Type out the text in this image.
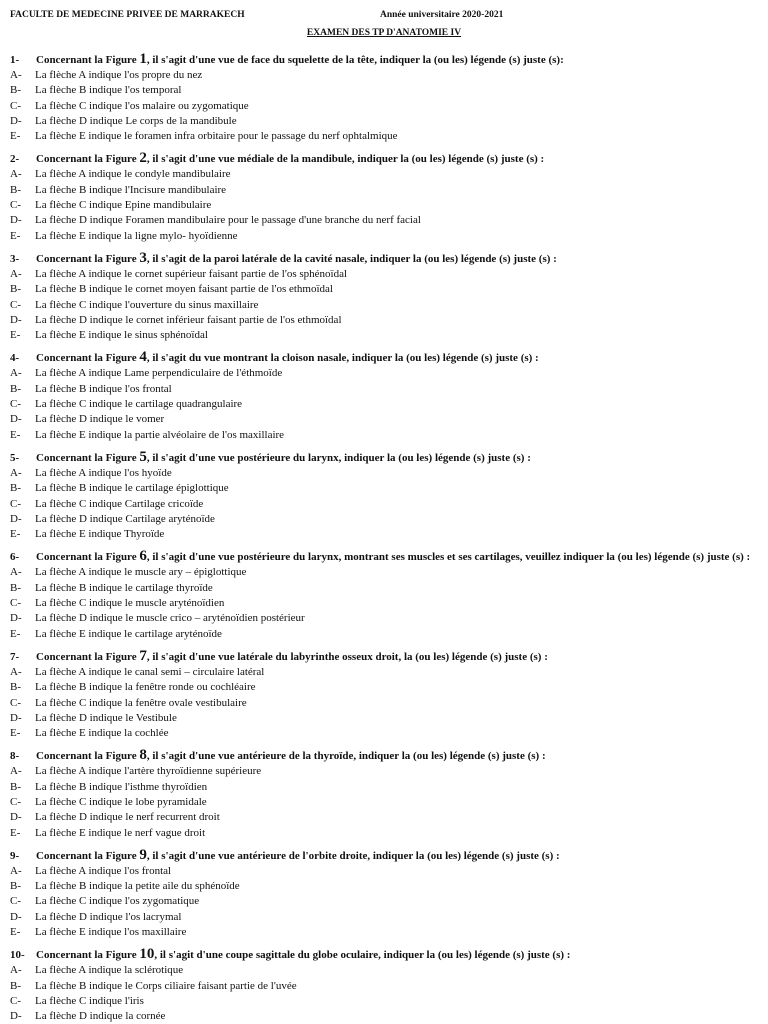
FACULTE DE MEDECINE PRIVEE DE MARRAKECH	Année universitaire 2020-2021
EXAMEN DES TP D'ANATOMIE IV
1-	Concernant la Figure 1, il s'agit d'une vue de face du squelette de la tête, indiquer la (ou les) légende (s) juste (s):
A-	La flèche A indique l'os propre du nez
B-	La flèche B indique l'os temporal
C-	La flèche C indique l'os malaire ou zygomatique
D-	La flèche D indique Le corps de la mandibule
E-	La flèche E indique le foramen infra orbitaire pour le passage du nerf ophtalmique
2-	Concernant la Figure 2, il s'agit d'une vue médiale de la mandibule, indiquer la (ou les) légende (s) juste (s) :
A-	La flèche A indique le condyle mandibulaire
B-	La flèche B indique l'Incisure mandibulaire
C-	La flèche C indique Epine mandibulaire
D-	La flèche D indique Foramen mandibulaire pour le passage d'une branche du nerf facial
E-	La flèche E indique la ligne mylo- hyoïdienne
3-	Concernant la Figure 3, il s'agit de la paroi latérale de la cavité nasale, indiquer la (ou les) légende (s) juste (s) :
A-	La flèche A indique le cornet supérieur faisant partie de l'os sphénoïdal
B-	La flèche B indique le cornet moyen faisant partie de l'os ethmoïdal
C-	La flèche C indique l'ouverture du sinus maxillaire
D-	La flèche D indique le cornet inférieur faisant partie de l'os ethmoïdal
E-	La flèche E indique le sinus sphénoïdal
4-	Concernant la Figure 4, il s'agit du vue montrant la cloison nasale, indiquer la (ou les) légende (s) juste (s) :
A-	La flèche A indique Lame perpendiculaire de l'éthmoïde
B-	La flèche B indique l'os frontal
C-	La flèche C indique le cartilage quadrangulaire
D-	La flèche D indique le vomer
E-	La flèche E indique la partie alvéolaire de l'os maxillaire
5-	Concernant la Figure 5, il s'agit d'une vue postérieure du larynx, indiquer la (ou les) légende (s) juste (s) :
A-	La flèche A indique l'os hyoïde
B-	La flèche B indique le cartilage épiglottique
C-	La flèche C indique Cartilage cricoïde
D-	La flèche D indique Cartilage aryténoïde
E-	La flèche E indique Thyroïde
6-	Concernant la Figure 6, il s'agit d'une vue postérieure du larynx, montrant ses muscles et ses cartilages, veuillez indiquer la (ou les) légende (s) juste (s) :
A-	La flèche A indique le muscle ary – épiglottique
B-	La flèche B indique le cartilage thyroïde
C-	La flèche C indique le muscle aryténoïdien
D-	La flèche D indique le muscle crico – aryténoïdien postérieur
E-	La flèche E indique le cartilage aryténoïde
7-	Concernant la Figure 7, il s'agit d'une vue latérale du labyrinthe osseux droit, la (ou les) légende (s) juste (s) :
A-	La flèche A indique le canal semi – circulaire latéral
B-	La flèche B indique la fenêtre ronde ou cochléaire
C-	La flèche C indique la fenêtre ovale vestibulaire
D-	La flèche D indique le Vestibule
E-	La flèche E indique la cochlée
8-	Concernant la Figure 8, il s'agit d'une vue antérieure de la thyroïde, indiquer la (ou les) légende (s) juste (s) :
A-	La flèche A indique l'artère thyroïdienne supérieure
B-	La flèche B indique l'isthme thyroïdien
C-	La flèche C indique le lobe pyramidale
D-	La flèche D indique le nerf recurrent droit
E-	La flèche E indique le nerf vague droit
9-	Concernant la Figure 9, il s'agit d'une vue antérieure de l'orbite droite, indiquer la (ou les) légende (s) juste (s) :
A-	La flèche A indique l'os frontal
B-	La flèche B indique la petite aile du sphénoïde
C-	La flèche C indique l'os zygomatique
D-	La flèche D indique l'os lacrymal
E-	La flèche E indique l'os maxillaire
10-	Concernant la Figure 10, il s'agit d'une coupe sagittale du globe oculaire, indiquer la (ou les) légende (s) juste (s) :
A-	La flèche A indique la sclérotique
B-	La flèche B indique le Corps ciliaire faisant partie de l'uvée
C-	La flèche C indique l'iris
D-	La flèche D indique la cornée
